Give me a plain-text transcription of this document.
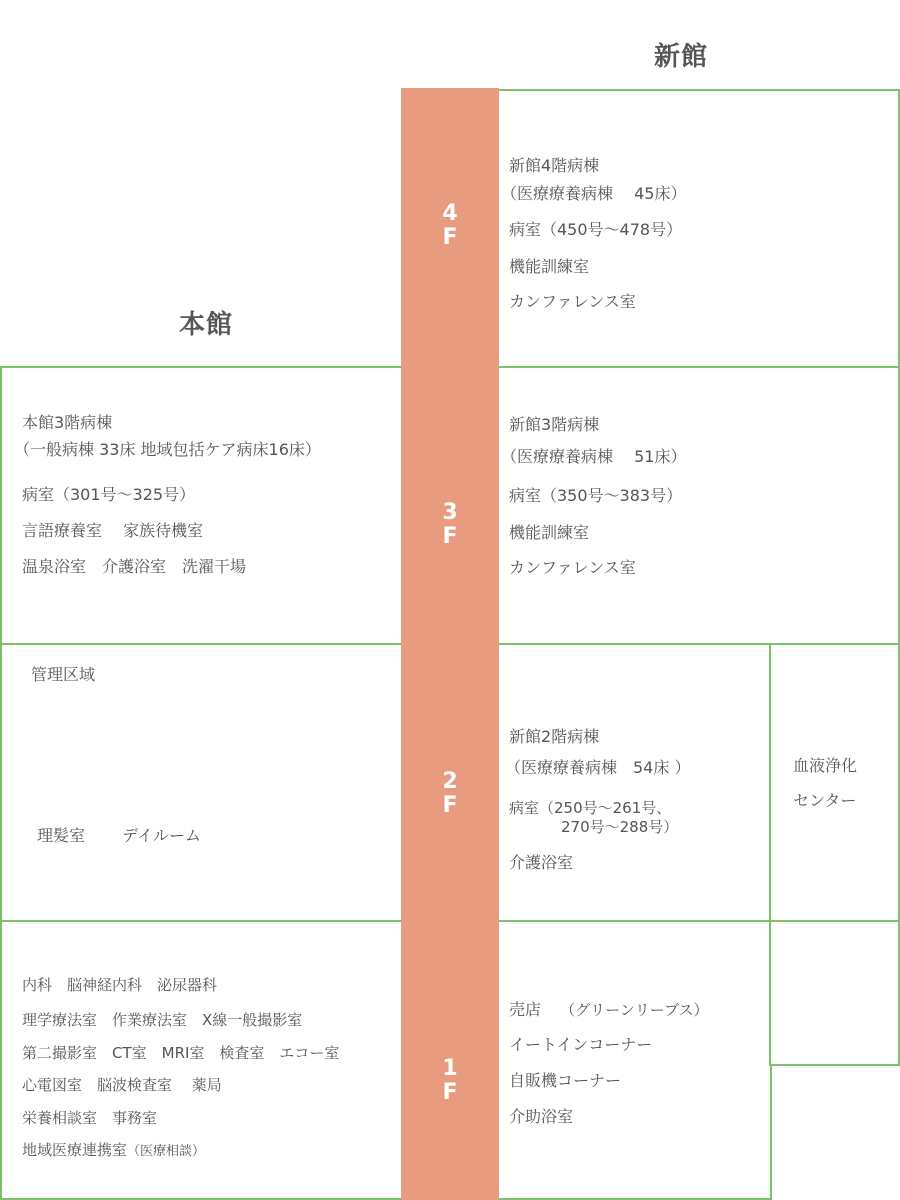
新館
本館
4
F
3
F
2
F
1
F
新館4階病棟
（医療療養病棟　 45床）
病室（450号～478号）
機能訓練室
カンファレンス室
本館3階病棟
（一般病棟 33床 地域包括ケア病床16床）
病室（301号～325号）
言語療養室　 家族待機室
温泉浴室　介護浴室　洗濯干場
新館3階病棟
（医療療養病棟　 51床）
病室（350号～383号）
機能訓練室
カンファレンス室
管理区域
理髪室　　 デイルーム
新館2階病棟
（医療療養病棟　54床 ）
病室（250号～261号、
270号～288号）
介護浴室
血液浄化
センター
内科　脳神経内科　泌尿器科
理学療法室　作業療法室　X線一般撮影室
第二撮影室　CT室　MRI室　検査室　エコー室
心電図室　脳波検査室　 薬局
栄養相談室　事務室
地域医療連携室（医療相談）
売店 （グリーンリーブス）
イートインコーナー
自販機コーナー
介助浴室
